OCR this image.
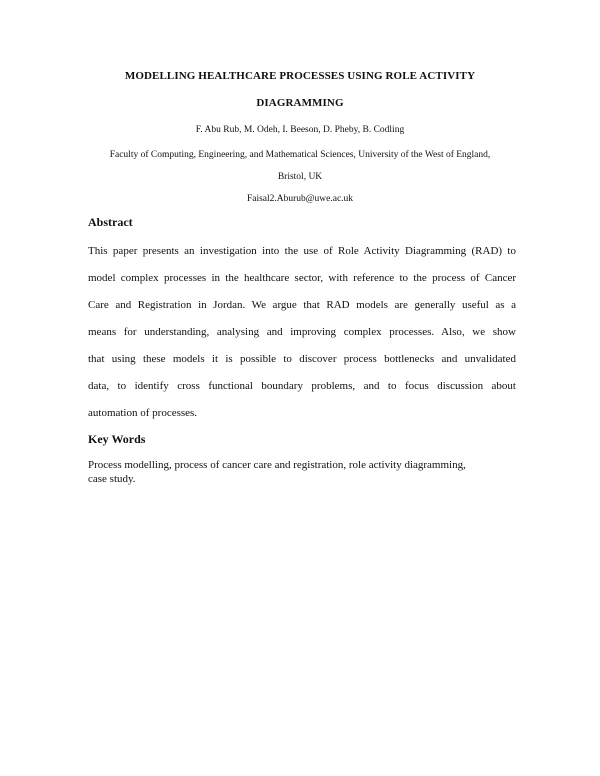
MODELLING HEALTHCARE PROCESSES USING ROLE ACTIVITY
DIAGRAMMING
F. Abu Rub, M. Odeh, I. Beeson, D. Pheby, B. Codling
Faculty of Computing, Engineering, and Mathematical Sciences, University of the West of England,
Bristol, UK
Faisal2.Aburub@uwe.ac.uk
Abstract
This paper presents an investigation into the use of Role Activity Diagramming (RAD) to
model complex processes in the healthcare sector, with reference to the process of Cancer
Care and Registration in Jordan. We argue that RAD models are generally useful as a
means for understanding, analysing and improving complex processes. Also, we show
that using these models it is possible to discover process bottlenecks and unvalidated
data, to identify cross functional boundary problems, and to focus discussion about
automation of processes.
Key Words
Process modelling, process of cancer care and registration, role activity diagramming,
case study.
